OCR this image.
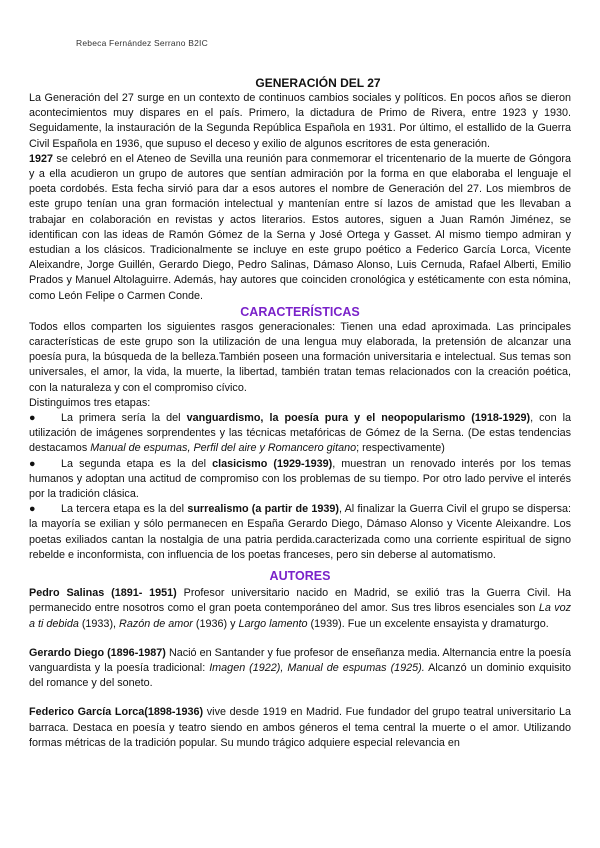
Rebeca Fernández Serrano B2IC
GENERACIÓN DEL 27

La Generación del 27 surge en un contexto de continuos cambios sociales y políticos. En pocos años se dieron acontecimientos muy dispares en el país. Primero, la dictadura de Primo de Rivera, entre 1923 y 1930. Seguidamente, la instauración de la Segunda República Española en 1931. Por último, el estallido de la Guerra Civil Española en 1936, que supuso el deceso y exilio de algunos escritores de esta generación.

1927 se celebró en el Ateneo de Sevilla una reunión para conmemorar el tricentenario de la muerte de Góngora y a ella acudieron un grupo de autores que sentían admiración por la forma en que elaboraba el lenguaje el poeta cordobés. Esta fecha sirvió para dar a esos autores el nombre de Generación del 27. Los miembros de este grupo tenían una gran formación intelectual y mantenían entre sí lazos de amistad que les llevaban a trabajar en colaboración en revistas y actos literarios. Estos autores, siguen a Juan Ramón Jiménez, se identifican con las ideas de Ramón Gómez de la Serna y José Ortega y Gasset. Al mismo tiempo admiran y estudian a los clásicos. Tradicionalmente se incluye en este grupo poético a Federico García Lorca, Vicente Aleixandre, Jorge Guillén, Gerardo Diego, Pedro Salinas, Dámaso Alonso, Luis Cernuda, Rafael Alberti, Emilio Prados y Manuel Altolaguirre. Además, hay autores que coinciden cronológica y estéticamente con esta nómina, como León Felipe o Carmen Conde.

CARACTERÍSTICAS

Todos ellos comparten los siguientes rasgos generacionales: Tienen una edad aproximada. Las principales características de este grupo son la utilización de una lengua muy elaborada, la pretensión de alcanzar una poesía pura, la búsqueda de la belleza.También poseen una formación universitaria e intelectual. Sus temas son universales, el amor, la vida, la muerte, la libertad, también tratan temas relacionados con la creación poética, con la naturaleza y con el compromiso cívico.

Distinguimos tres etapas:

● La primera sería la del vanguardismo, la poesía pura y el neopopularismo (1918-1929), con la utilización de imágenes sorprendentes y las técnicas metafóricas de Gómez de la Serna. (De estas tendencias destacamos Manual de espumas, Perfil del aire y Romancero gitano; respectivamente)

● La segunda etapa es la del clasicismo (1929-1939), muestran un renovado interés por los temas humanos y adoptan una actitud de compromiso con los problemas de su tiempo. Por otro lado pervive el interés por la tradición clásica.

● La tercera etapa es la del surrealismo (a partir de 1939), Al finalizar la Guerra Civil el grupo se dispersa: la mayoría se exilian y sólo permanecen en España Gerardo Diego, Dámaso Alonso y Vicente Aleixandre. Los poetas exiliados cantan la nostalgia de una patria perdida.caracterizada como una corriente espiritual de signo rebelde e inconformista, con influencia de los poetas franceses, pero sin deberse al automatismo.

AUTORES

Pedro Salinas (1891- 1951) Profesor universitario nacido en Madrid, se exilió tras la Guerra Civil. Ha permanecido entre nosotros como el gran poeta contemporáneo del amor. Sus tres libros esenciales son La voz a ti debida (1933), Razón de amor (1936) y Largo lamento (1939). Fue un excelente ensayista y dramaturgo.

Gerardo Diego (1896-1987) Nació en Santander y fue profesor de enseñanza media. Alternancia entre la poesía vanguardista y la poesía tradicional: Imagen (1922), Manual de espumas (1925). Alcanzó un dominio exquisito del romance y del soneto.

Federico García Lorca(1898-1936) vive desde 1919 en Madrid. Fue fundador del grupo teatral universitario La barraca. Destaca en poesía y teatro siendo en ambos géneros el tema central la muerte o el amor. Utilizando formas métricas de la tradición popular. Su mundo trágico adquiere especial relevancia en
